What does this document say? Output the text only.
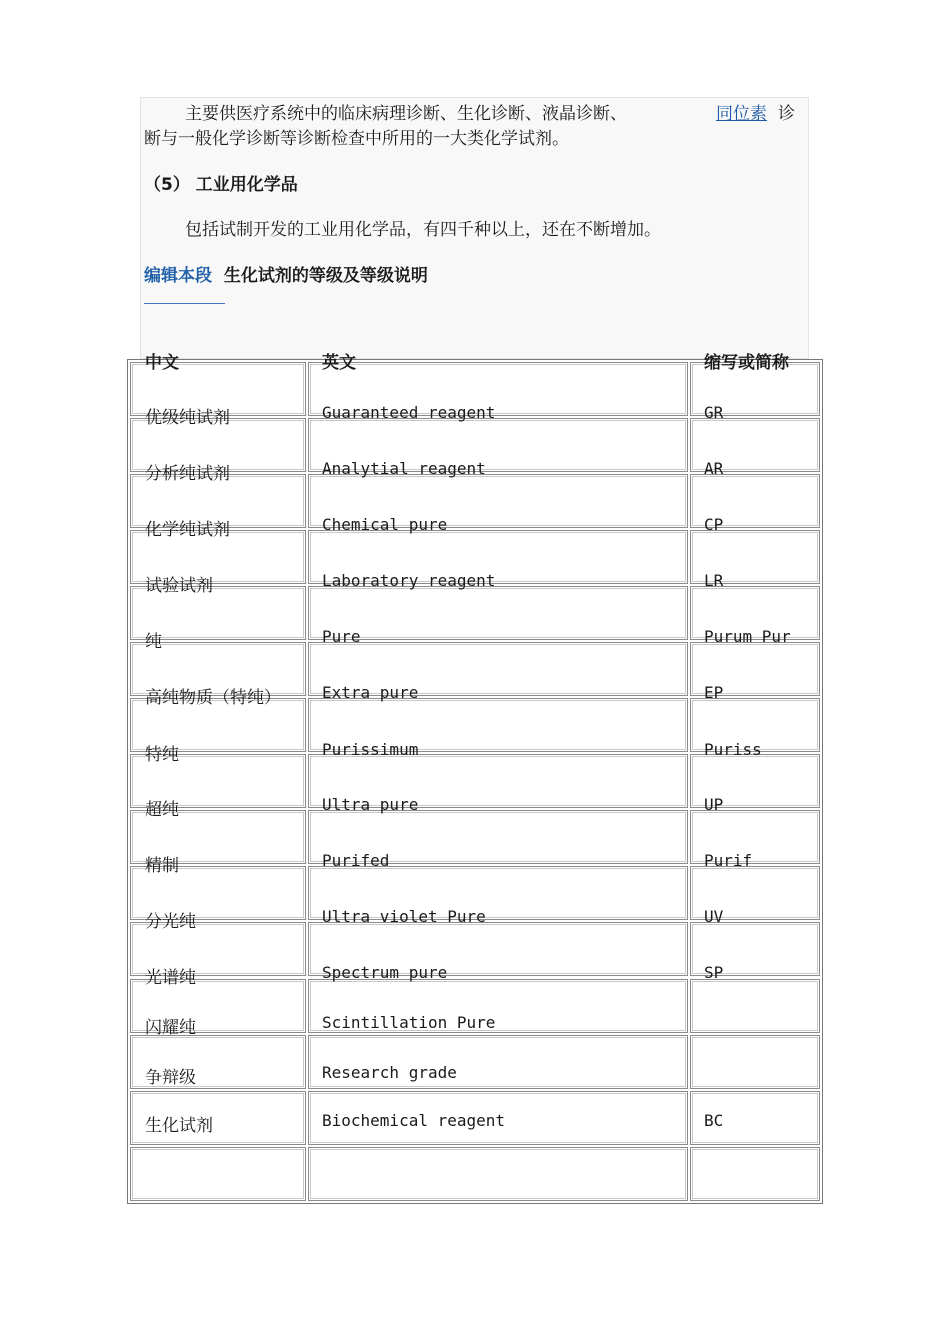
主要供医疗系统中的临床病理诊断、生化诊断、液晶诊断、	同位素 诊
断与一般化学诊断等诊断检查中所用的一大类化学试剂。
（5） 工业用化学品
包括试制开发的工业用化学品，有四千种以上，还在不断增加。
编辑本段 生化试剂的等级及等级说明
中文	英文	缩写或简称
优级纯试剂	Guaranteed reagent	GR
分析纯试剂	Analytial reagent	AR
化学纯试剂	Chemical pure	CP
试验试剂	Laboratory reagent	LR
纯	Pure	Purum Pur
高纯物质（特纯）	Extra pure	EP
特纯	Purissimum	Puriss
超纯	Ultra pure	UP
精制	Purifed	Purif
分光纯	Ultra violet Pure	UV
光谱纯	Spectrum pure	SP
闪耀纯	Scintillation Pure
争辩级	Research grade
生化试剂	Biochemical reagent	BC
